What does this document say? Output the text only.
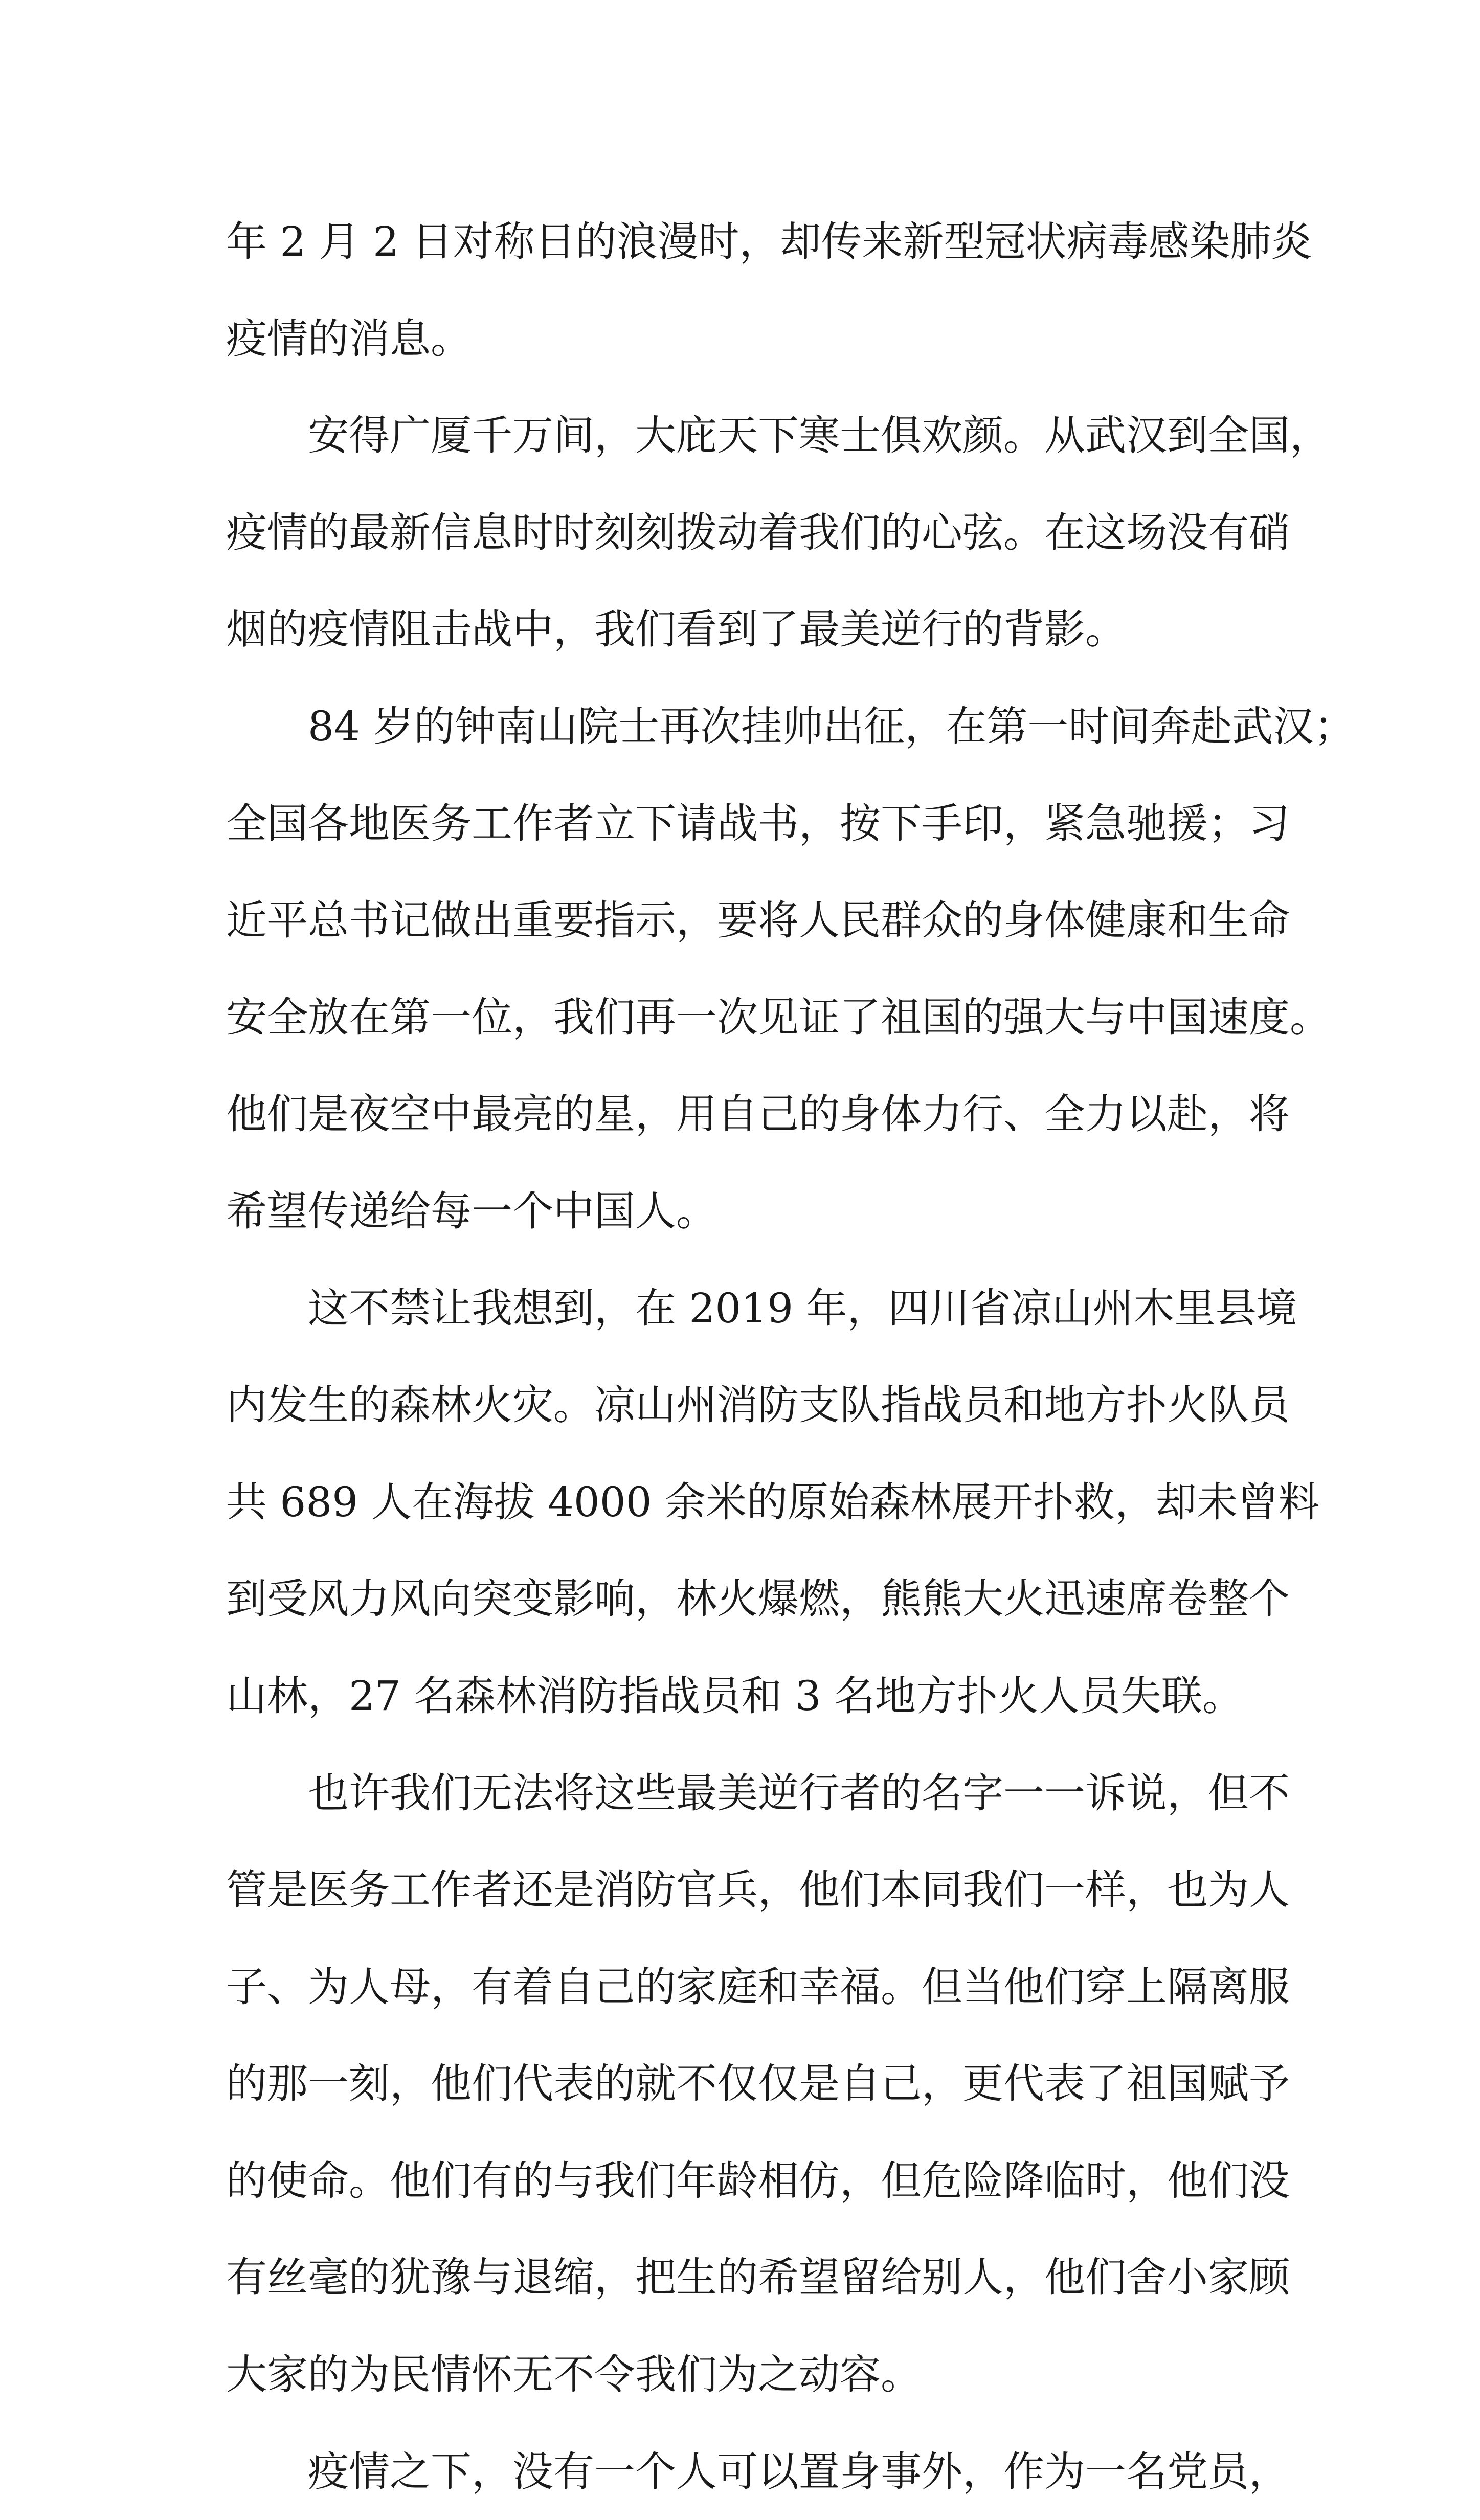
年 2 月 2 日对称日的浪漫时，却传来新型冠状病毒感染肺炎
疫情的消息。
安得广厦千万间，大庇天下寒士俱欢颜。从武汉到全国，
疫情的最新信息时时刻刻拨动着我们的心弦。在这场没有硝
烟的疫情阻击战中，我们看到了最美逆行的背影。
84 岁的钟南山院士再次挂帅出征，在第一时间奔赴武汉；
全国各地医务工作者立下请战书，按下手印，紧急驰援；习
近平总书记做出重要指示，要将人民群众的身体健康和生命
安全放在第一位，我们再一次见证了祖国的强大与中国速度。
他们是夜空中最亮的星，用自己的身体力行、全力以赴，将
希望传递给每一个中国人。
这不禁让我想到，在 2019 年，四川省凉山州木里县境
内发生的森林火灾。凉山州消防支队指战员和地方扑火队员
共 689 人在海拔 4000 余米的原始森林展开扑救，却未曾料
到受风力风向突变影响，林火爆燃，熊熊大火迅速席卷整个
山林，27 名森林消防指战员和 3 名地方扑火人员失联。
也许我们无法将这些最美逆行者的名字一一诉说，但不
管是医务工作者还是消防官兵，他们本同我们一样，也为人
子、为人母，有着自己的家庭和幸福。但当他们穿上隔离服
的那一刻，他们代表的就不仅仅是自己，更代表了祖国赋予
的使命。他们有的与我们年龄相仿，但危险降临时，他们没
有丝毫的犹豫与退缩，把生的希望留给别人，他们舍小家顾
大家的为民情怀无不令我们为之动容。
疫情之下，没有一个人可以置身事外，作为一名党员，
